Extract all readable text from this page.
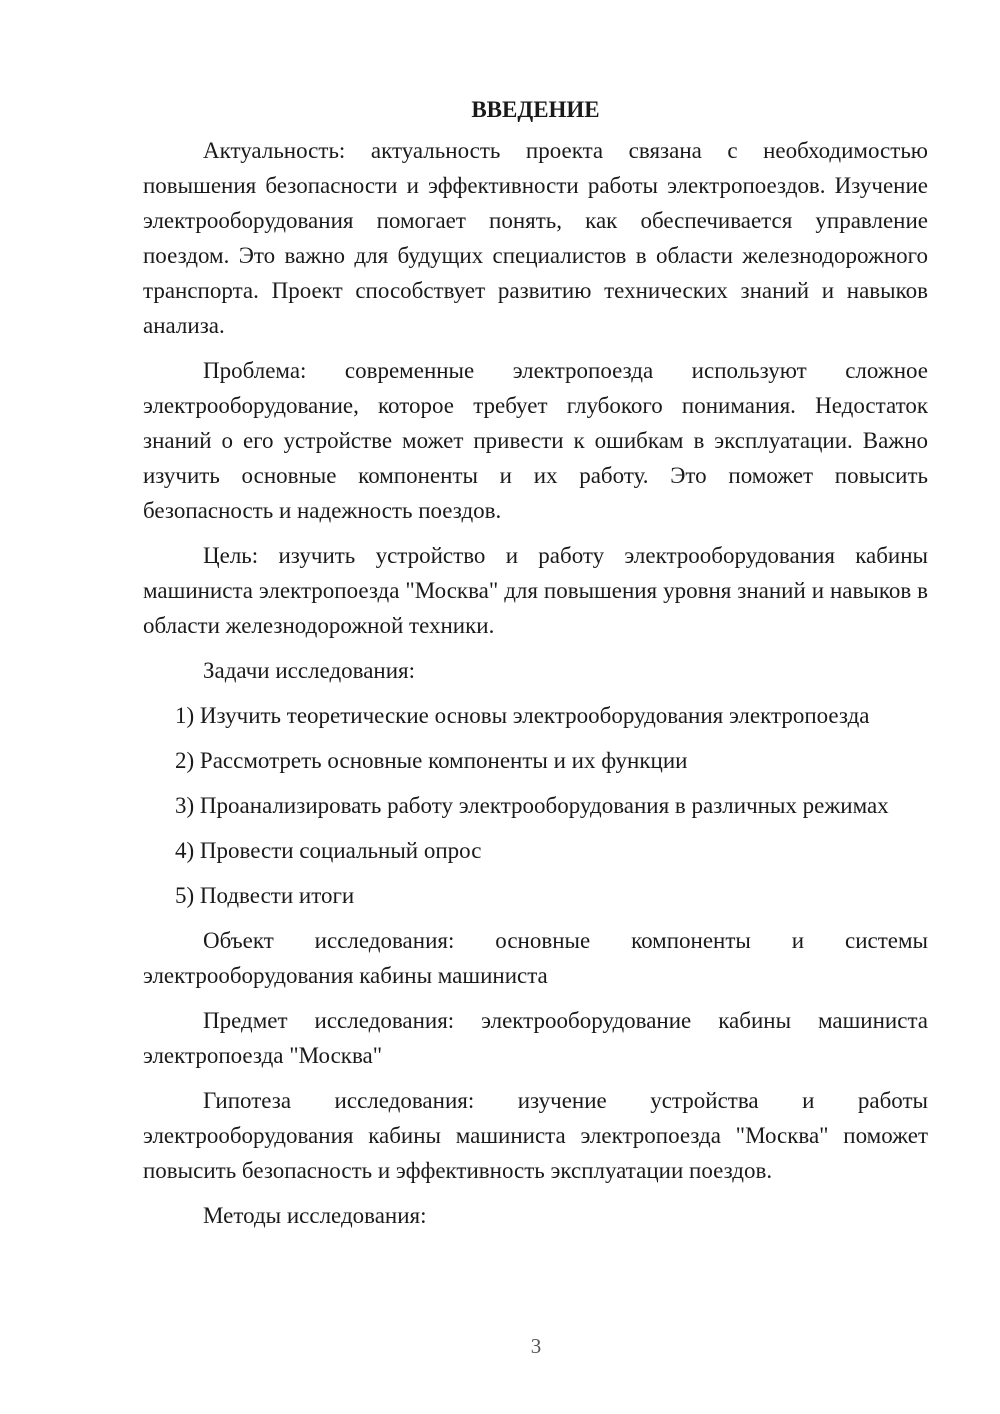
ВВЕДЕНИЕ

Актуальность: актуальность проекта связана с необходимостью повышения безопасности и эффективности работы электропоездов. Изучение электрооборудования помогает понять, как обеспечивается управление поездом. Это важно для будущих специалистов в области железнодорожного транспорта. Проект способствует развитию технических знаний и навыков анализа.

Проблема: современные электропоезда используют сложное электрооборудование, которое требует глубокого понимания. Недостаток знаний о его устройстве может привести к ошибкам в эксплуатации. Важно изучить основные компоненты и их работу. Это поможет повысить безопасность и надежность поездов.

Цель: изучить устройство и работу электрооборудования кабины машиниста электропоезда "Москва" для повышения уровня знаний и навыков в области железнодорожной техники.

Задачи исследования:

1) Изучить теоретические основы электрооборудования электропоезда

2) Рассмотреть основные компоненты и их функции

3) Проанализировать работу электрооборудования в различных режимах

4) Провести социальный опрос

5) Подвести итоги

Объект исследования: основные компоненты и системы электрооборудования кабины машиниста

Предмет исследования: электрооборудование кабины машиниста электропоезда "Москва"

Гипотеза исследования: изучение устройства и работы электрооборудования кабины машиниста электропоезда "Москва" поможет повысить безопасность и эффективность эксплуатации поездов.

Методы исследования:

3
